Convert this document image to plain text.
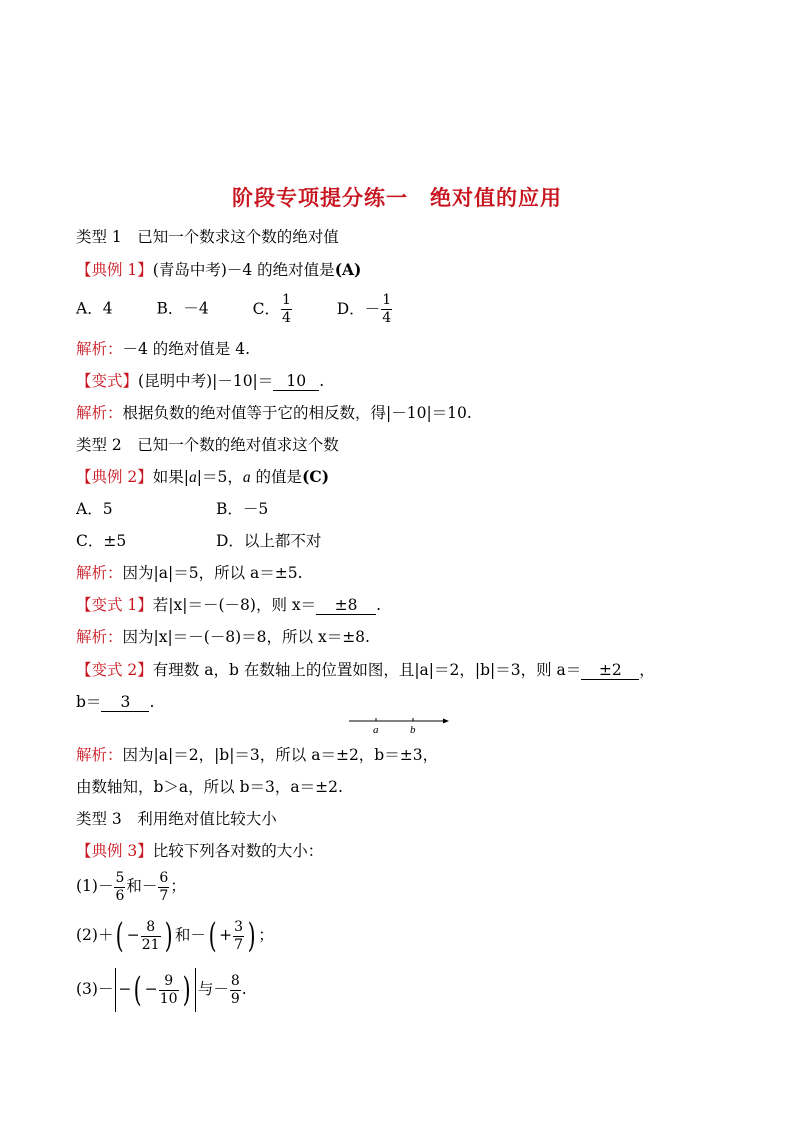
阶段专项提分练一　绝对值的应用
类型 1　已知一个数求这个数的绝对值
【典例 1】(青岛中考)－4 的绝对值是(A)
A．4	B．－4	C． $\frac{1}{4}$	D．－ $\frac{1}{4}$
解析：－4 的绝对值是 4.
【变式】(昆明中考)|－10|＝ 10 .
解析：根据负数的绝对值等于它的相反数，得|－10|＝10.
类型 2　已知一个数的绝对值求这个数
【典例 2】如果|a|＝5，a 的值是(C)
A．5	B．－5
C．±5	D．以上都不对
解析：因为|a|＝5，所以 a＝±5.
【变式 1】若|x|＝－(－8)，则 x＝ ±8 .
解析：因为|x|＝－(－8)＝8，所以 x＝±8.
【变式 2】有理数 a，b 在数轴上的位置如图，且|a|＝2，|b|＝3，则 a＝ ±2 ，
b＝ 3 .
a	b
解析：因为|a|＝2，|b|＝3，所以 a＝±2，b＝±3，
由数轴知，b＞a，所以 b＝3，a＝±2.
类型 3　利用绝对值比较大小
【典例 3】比较下列各对数的大小：
$(1)- \frac{5}{6}$ 和－ $\frac{6}{7}$ ；
$(2)+( - \frac{8}{21}$ ) 和－( + $\frac{3}{7}$ ) ；
(3)－ −( − $\frac{9}{10}$ ) 与－ $\frac{8}{9}$ .
